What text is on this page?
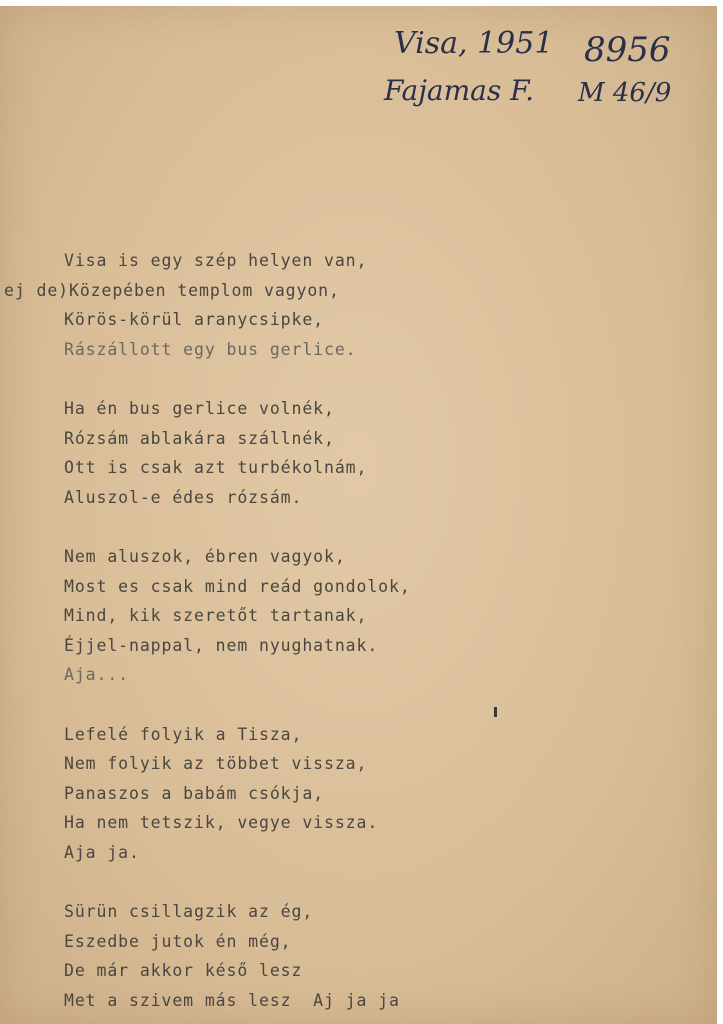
Visa, 1951
Fajamas F.
8956
M 46/9
Visa is egy szép helyen van,
ej de)Közepében templom vagyon,
Körös-körül aranycsipke,
Rászállott egy bus gerlice.
Ha én bus gerlice volnék,
Rózsám ablakára szállnék,
Ott is csak azt turbékolnám,
Aluszol-e édes rózsám.
Nem aluszok, ébren vagyok,
Most es csak mind reád gondolok,
Mind, kik szeretőt tartanak,
Éjjel-nappal, nem nyughatnak.
Aja...
Lefelé folyik a Tisza,
Nem folyik az többet vissza,
Panaszos a babám csókja,
Ha nem tetszik, vegye vissza.
Aja ja.
Sürün csillagzik az ég,
Eszedbe jutok én még,
De már akkor késő lesz
Met a szivem más lesz  Aj ja ja
